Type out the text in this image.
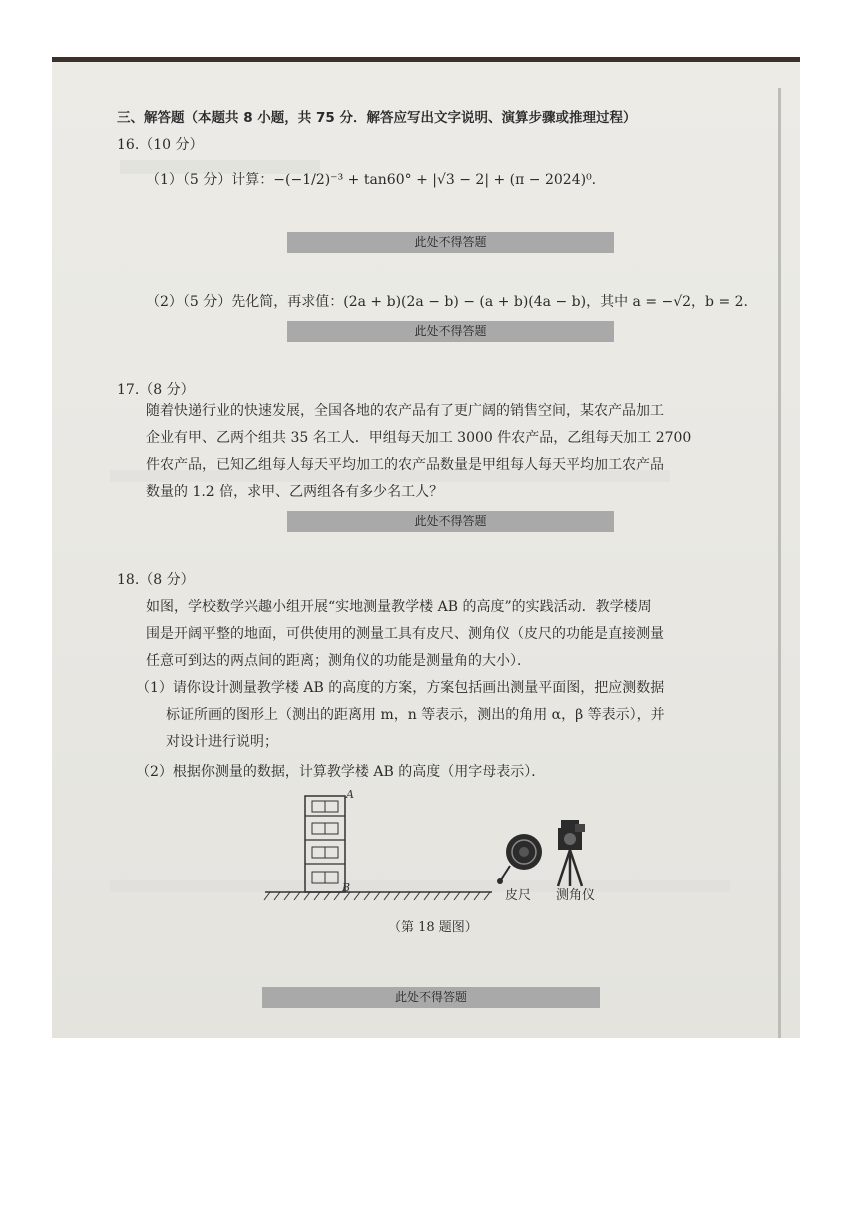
三、解答题（本题共 8 小题，共 75 分．解答应写出文字说明、演算步骤或推理过程）
16.（10 分）
（1）（5 分）计算：−(−1/2)⁻³ + tan60° + |√3 − 2| + (π − 2024)⁰.
此处不得答题
（2）（5 分）先化简，再求值：(2a + b)(2a − b) − (a + b)(4a − b)，其中 a = −√2，b = 2.
此处不得答题
17.（8 分）
随着快递行业的快速发展，全国各地的农产品有了更广阔的销售空间，某农产品加工
企业有甲、乙两个组共 35 名工人．甲组每天加工 3000 件农产品，乙组每天加工 2700
件农产品，已知乙组每人每天平均加工的农产品数量是甲组每人每天平均加工农产品
数量的 1.2 倍，求甲、乙两组各有多少名工人？
此处不得答题
18.（8 分）
如图，学校数学兴趣小组开展“实地测量教学楼 AB 的高度”的实践活动．教学楼周
围是开阔平整的地面，可供使用的测量工具有皮尺、测角仪（皮尺的功能是直接测量
任意可到达的两点间的距离；测角仪的功能是测量角的大小）．
（1）请你设计测量教学楼 AB 的高度的方案，方案包括画出测量平面图，把应测数据
标证所画的图形上（测出的距离用 m，n 等表示，测出的角用 α，β 等表示），并
对设计进行说明；
（2）根据你测量的数据，计算教学楼 AB 的高度（用字母表示）．
A
B
皮尺 测角仪
（第 18 题图）
此处不得答题
